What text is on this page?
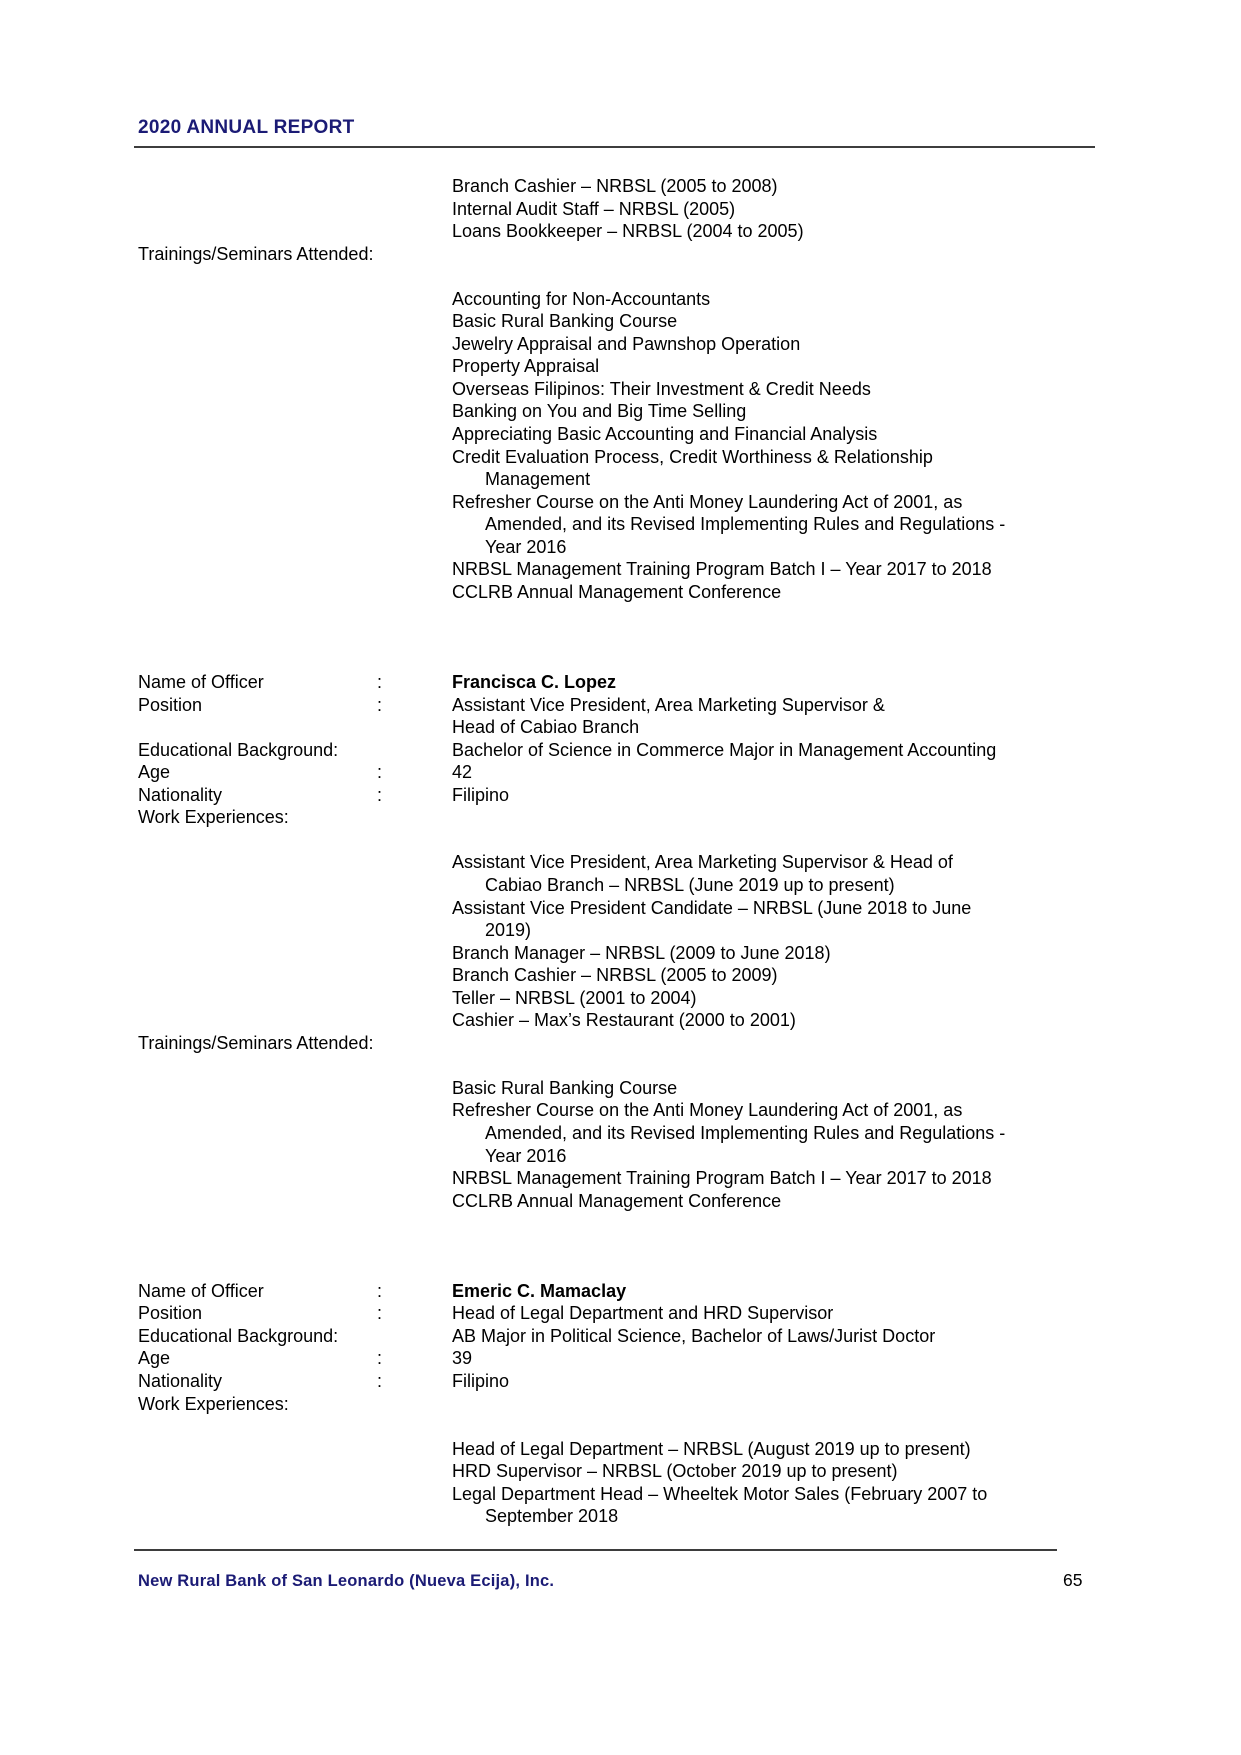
2020 ANNUAL REPORT
Branch Cashier – NRBSL (2005 to 2008)
Internal Audit Staff – NRBSL (2005)
Loans Bookkeeper – NRBSL (2004 to 2005)
Trainings/Seminars Attended:
Accounting for Non-Accountants
Basic Rural Banking Course
Jewelry Appraisal and Pawnshop Operation
Property Appraisal
Overseas Filipinos: Their Investment & Credit Needs
Banking on You and Big Time Selling
Appreciating Basic Accounting and Financial Analysis
Credit Evaluation Process, Credit Worthiness & Relationship
Management
Refresher Course on the Anti Money Laundering Act of 2001, as
Amended, and its Revised Implementing Rules and Regulations -
Year 2016
NRBSL Management Training Program Batch I – Year 2017 to 2018
CCLRB Annual Management Conference
Name of Officer	:	Francisca C. Lopez
Position	:	Assistant Vice President, Area Marketing Supervisor &
Head of Cabiao Branch
Educational Background:	Bachelor of Science in Commerce Major in Management Accounting
Age	:	42
Nationality	:	Filipino
Work Experiences:
Assistant Vice President, Area Marketing Supervisor & Head of
Cabiao Branch – NRBSL (June 2019 up to present)
Assistant Vice President Candidate – NRBSL (June 2018 to June
2019)
Branch Manager – NRBSL (2009 to June 2018)
Branch Cashier – NRBSL (2005 to 2009)
Teller – NRBSL (2001 to 2004)
Cashier – Max’s Restaurant (2000 to 2001)
Trainings/Seminars Attended:
Basic Rural Banking Course
Refresher Course on the Anti Money Laundering Act of 2001, as
Amended, and its Revised Implementing Rules and Regulations -
Year 2016
NRBSL Management Training Program Batch I – Year 2017 to 2018
CCLRB Annual Management Conference
Name of Officer	:	Emeric C. Mamaclay
Position	:	Head of Legal Department and HRD Supervisor
Educational Background:	AB Major in Political Science, Bachelor of Laws/Jurist Doctor
Age	:	39
Nationality	:	Filipino
Work Experiences:
Head of Legal Department – NRBSL (August 2019 up to present)
HRD Supervisor – NRBSL (October 2019 up to present)
Legal Department Head – Wheeltek Motor Sales (February 2007 to
September 2018
New Rural Bank of San Leonardo (Nueva Ecija), Inc.	65
